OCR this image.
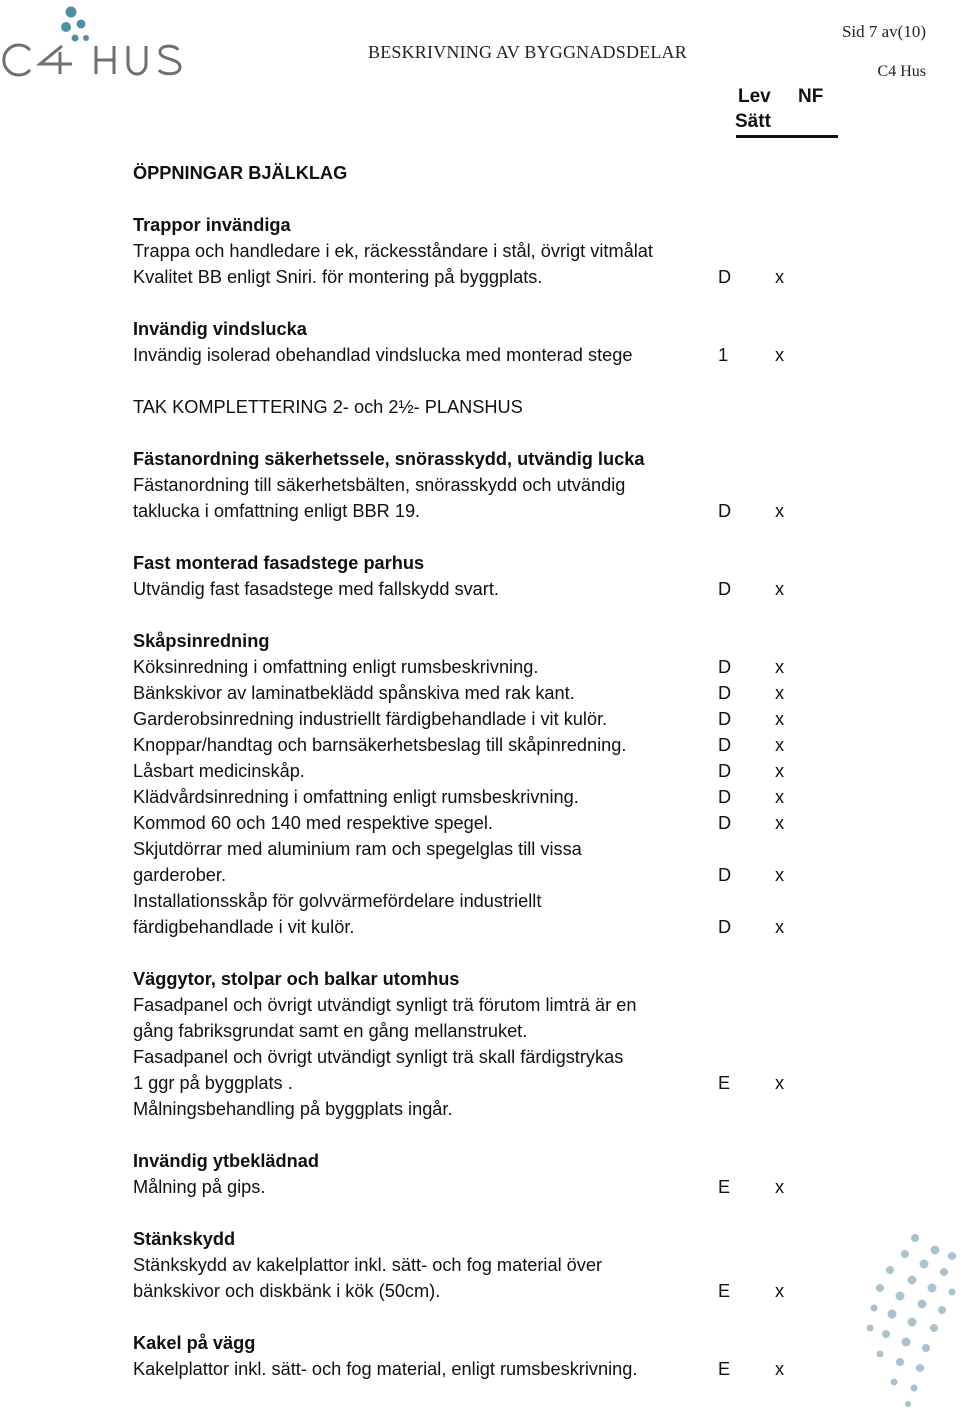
BESKRIVNING AV BYGGNADSDELAR
Sid 7 av(10)
C4 Hus
Lev
Sätt
NF
ÖPPNINGAR BJÄLKLAG
Trappor invändiga
Trappa och handledare i ek, räckesståndare i stål, övrigt vitmålat
Kvalitet BB enligt Sniri. för montering på byggplats.	D x
Invändig vindslucka
Invändig isolerad obehandlad vindslucka med monterad stege	1	x
TAK KOMPLETTERING 2- och 2½- PLANSHUS
Fästanordning säkerhetssele, snörasskydd, utvändig lucka
Fästanordning till säkerhetsbälten, snörasskydd och utvändig
taklucka i omfattning enligt BBR 19.	D x
Fast monterad fasadstege parhus
Utvändig fast fasadstege med fallskydd svart.	D x
Skåpsinredning
Köksinredning i omfattning enligt rumsbeskrivning.	D x
Bänkskivor av laminatbeklädd spånskiva med rak kant.	D x
Garderobsinredning industriellt färdigbehandlade i vit kulör.	D x
Knoppar/handtag och barnsäkerhetsbeslag till skåpinredning.	D x
Låsbart medicinskåp.	D x
Klädvårdsinredning i omfattning enligt rumsbeskrivning.	D x
Kommod 60 och 140 med respektive spegel.	D x
Skjutdörrar med aluminium ram och spegelglas till vissa
garderober.	D x
Installationsskåp för golvvärmefördelare industriellt
färdigbehandlade i vit kulör.	D x
Väggytor, stolpar och balkar utomhus
Fasadpanel och övrigt utvändigt synligt trä förutom limträ är en
gång fabriksgrundat samt en gång mellanstruket.
Fasadpanel och övrigt utvändigt synligt trä skall färdigstrykas
1 ggr på byggplats .	E x
Målningsbehandling på byggplats ingår.
Invändig ytbeklädnad
Målning på gips.	E x
Stänkskydd
Stänkskydd av kakelplattor inkl. sätt- och fog material över
bänkskivor och diskbänk i kök (50cm).	E x
Kakel på vägg
Kakelplattor inkl. sätt- och fog material, enligt rumsbeskrivning.	E x
